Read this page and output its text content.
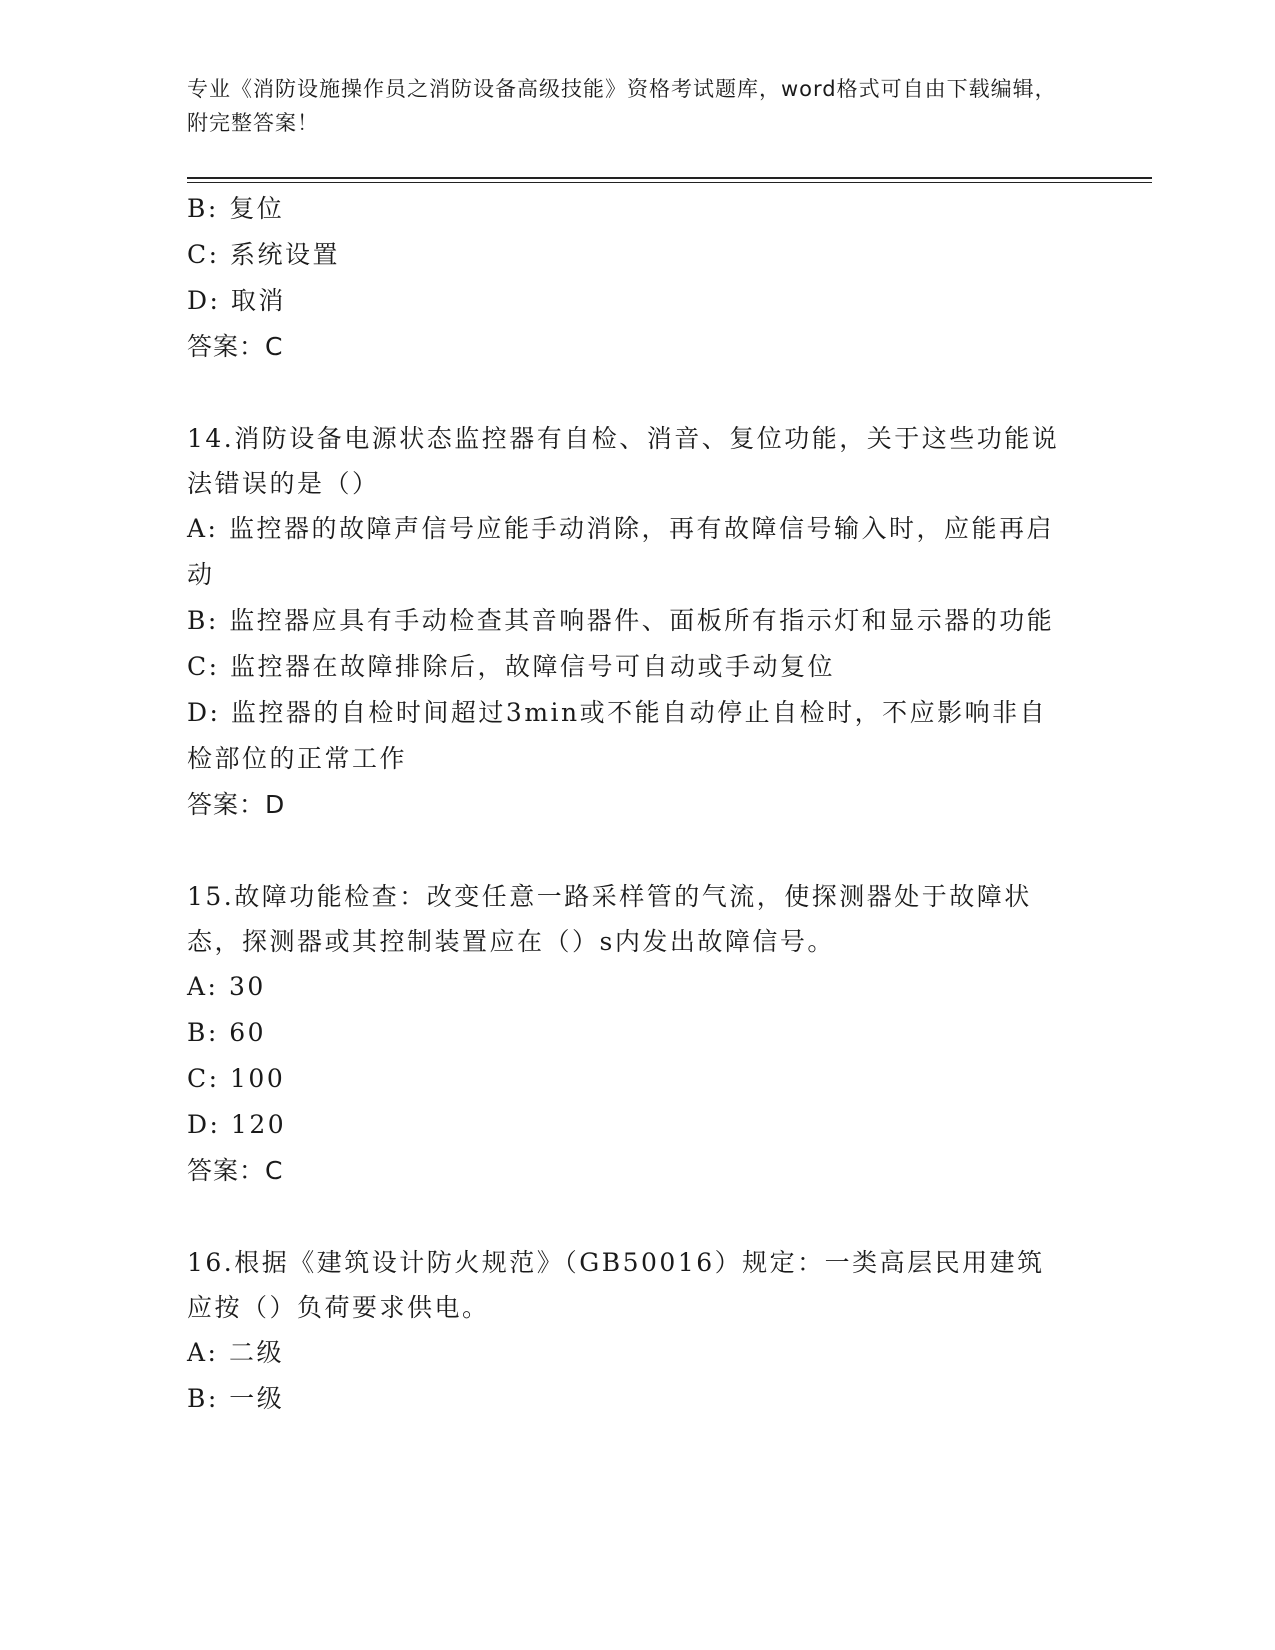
专业《消防设施操作员之消防设备高级技能》资格考试题库，word格式可自由下载编辑，附完整答案！
B: 复位
C: 系统设置
D: 取消
答案：C
14.消防设备电源状态监控器有自检、消音、复位功能，关于这些功能说法错误的是（）
A: 监控器的故障声信号应能手动消除，再有故障信号输入时，应能再启动
B: 监控器应具有手动检查其音响器件、面板所有指示灯和显示器的功能
C: 监控器在故障排除后，故障信号可自动或手动复位
D: 监控器的自检时间超过3min或不能自动停止自检时，不应影响非自检部位的正常工作
答案：D
15.故障功能检查：改变任意一路采样管的气流，使探测器处于故障状态，探测器或其控制装置应在（）s内发出故障信号。
A: 30
B: 60
C: 100
D: 120
答案：C
16.根据《建筑设计防火规范》（GB50016）规定：一类高层民用建筑应按（）负荷要求供电。
A: 二级
B: 一级
